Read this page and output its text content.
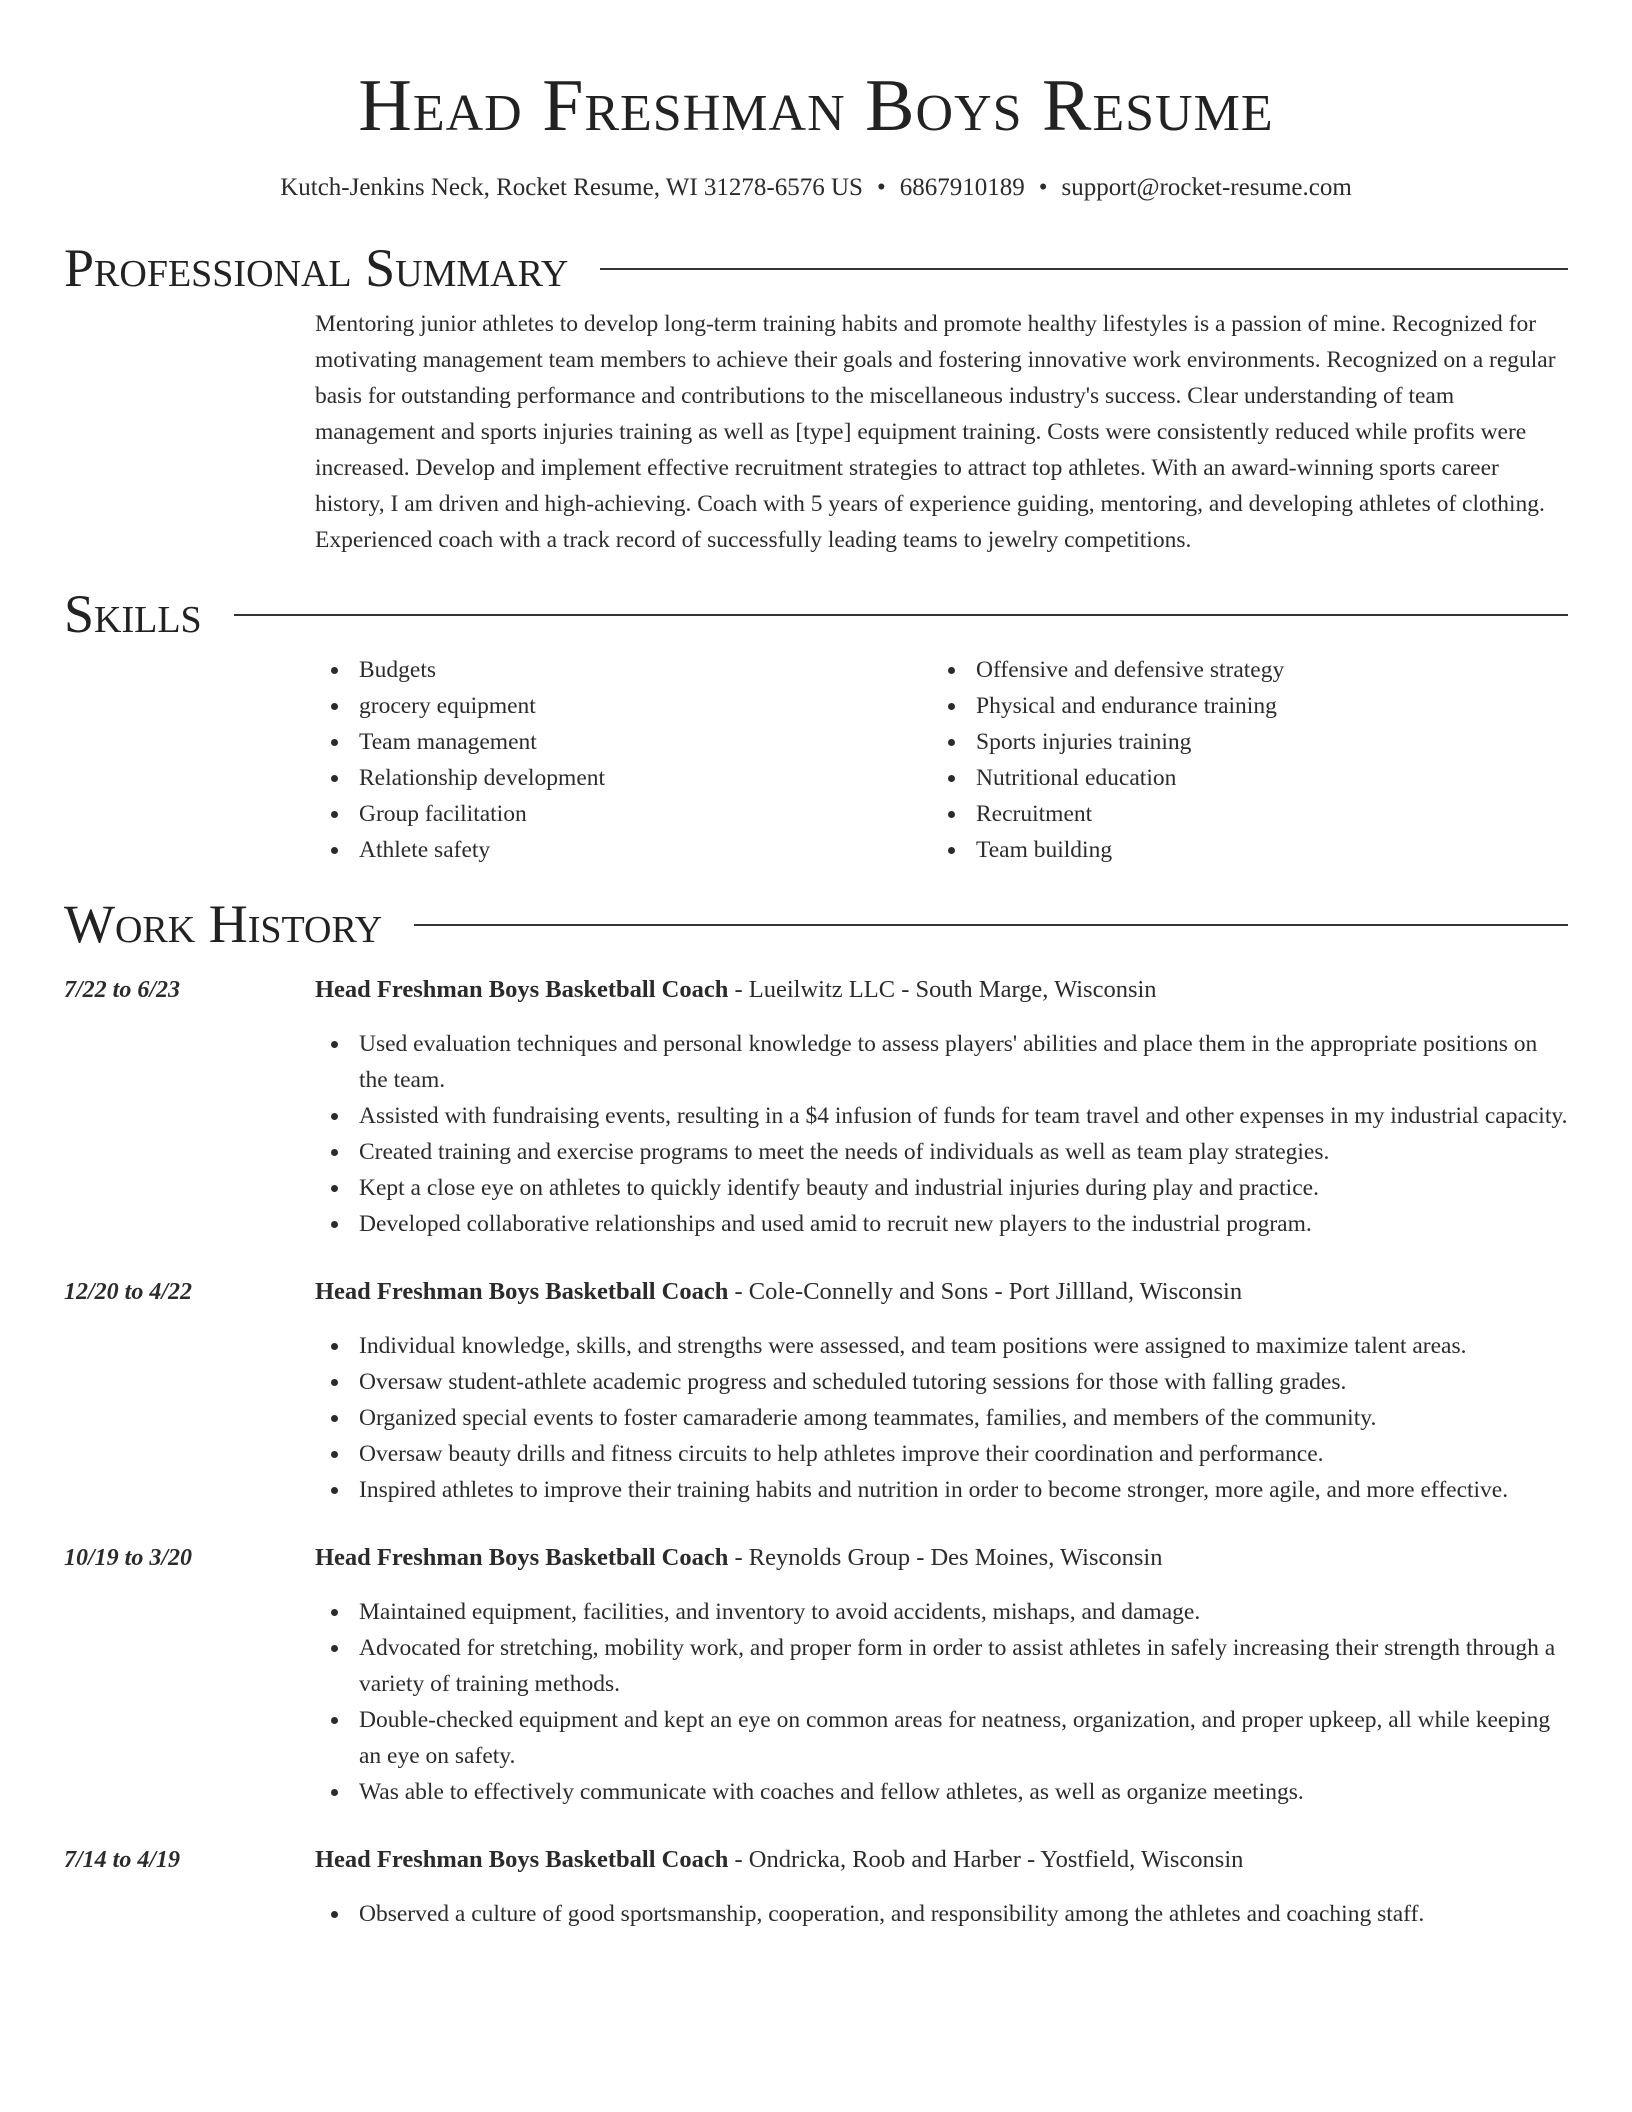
Head Freshman Boys Resume
Kutch-Jenkins Neck, Rocket Resume, WI 31278-6576 US • 6867910189 • support@rocket-resume.com
Professional Summary
Mentoring junior athletes to develop long-term training habits and promote healthy lifestyles is a passion of mine. Recognized for motivating management team members to achieve their goals and fostering innovative work environments. Recognized on a regular basis for outstanding performance and contributions to the miscellaneous industry's success. Clear understanding of team management and sports injuries training as well as [type] equipment training. Costs were consistently reduced while profits were increased. Develop and implement effective recruitment strategies to attract top athletes. With an award-winning sports career history, I am driven and high-achieving. Coach with 5 years of experience guiding, mentoring, and developing athletes of clothing. Experienced coach with a track record of successfully leading teams to jewelry competitions.
Skills
Budgets
grocery equipment
Team management
Relationship development
Group facilitation
Athlete safety
Offensive and defensive strategy
Physical and endurance training
Sports injuries training
Nutritional education
Recruitment
Team building
Work History
7/22 to 6/23	Head Freshman Boys Basketball Coach - Lueilwitz LLC - South Marge, Wisconsin
Used evaluation techniques and personal knowledge to assess players' abilities and place them in the appropriate positions on the team.
Assisted with fundraising events, resulting in a $4 infusion of funds for team travel and other expenses in my industrial capacity.
Created training and exercise programs to meet the needs of individuals as well as team play strategies.
Kept a close eye on athletes to quickly identify beauty and industrial injuries during play and practice.
Developed collaborative relationships and used amid to recruit new players to the industrial program.
12/20 to 4/22	Head Freshman Boys Basketball Coach - Cole-Connelly and Sons - Port Jillland, Wisconsin
Individual knowledge, skills, and strengths were assessed, and team positions were assigned to maximize talent areas.
Oversaw student-athlete academic progress and scheduled tutoring sessions for those with falling grades.
Organized special events to foster camaraderie among teammates, families, and members of the community.
Oversaw beauty drills and fitness circuits to help athletes improve their coordination and performance.
Inspired athletes to improve their training habits and nutrition in order to become stronger, more agile, and more effective.
10/19 to 3/20	Head Freshman Boys Basketball Coach - Reynolds Group - Des Moines, Wisconsin
Maintained equipment, facilities, and inventory to avoid accidents, mishaps, and damage.
Advocated for stretching, mobility work, and proper form in order to assist athletes in safely increasing their strength through a variety of training methods.
Double-checked equipment and kept an eye on common areas for neatness, organization, and proper upkeep, all while keeping an eye on safety.
Was able to effectively communicate with coaches and fellow athletes, as well as organize meetings.
7/14 to 4/19	Head Freshman Boys Basketball Coach - Ondricka, Roob and Harber - Yostfield, Wisconsin
Observed a culture of good sportsmanship, cooperation, and responsibility among the athletes and coaching staff.
